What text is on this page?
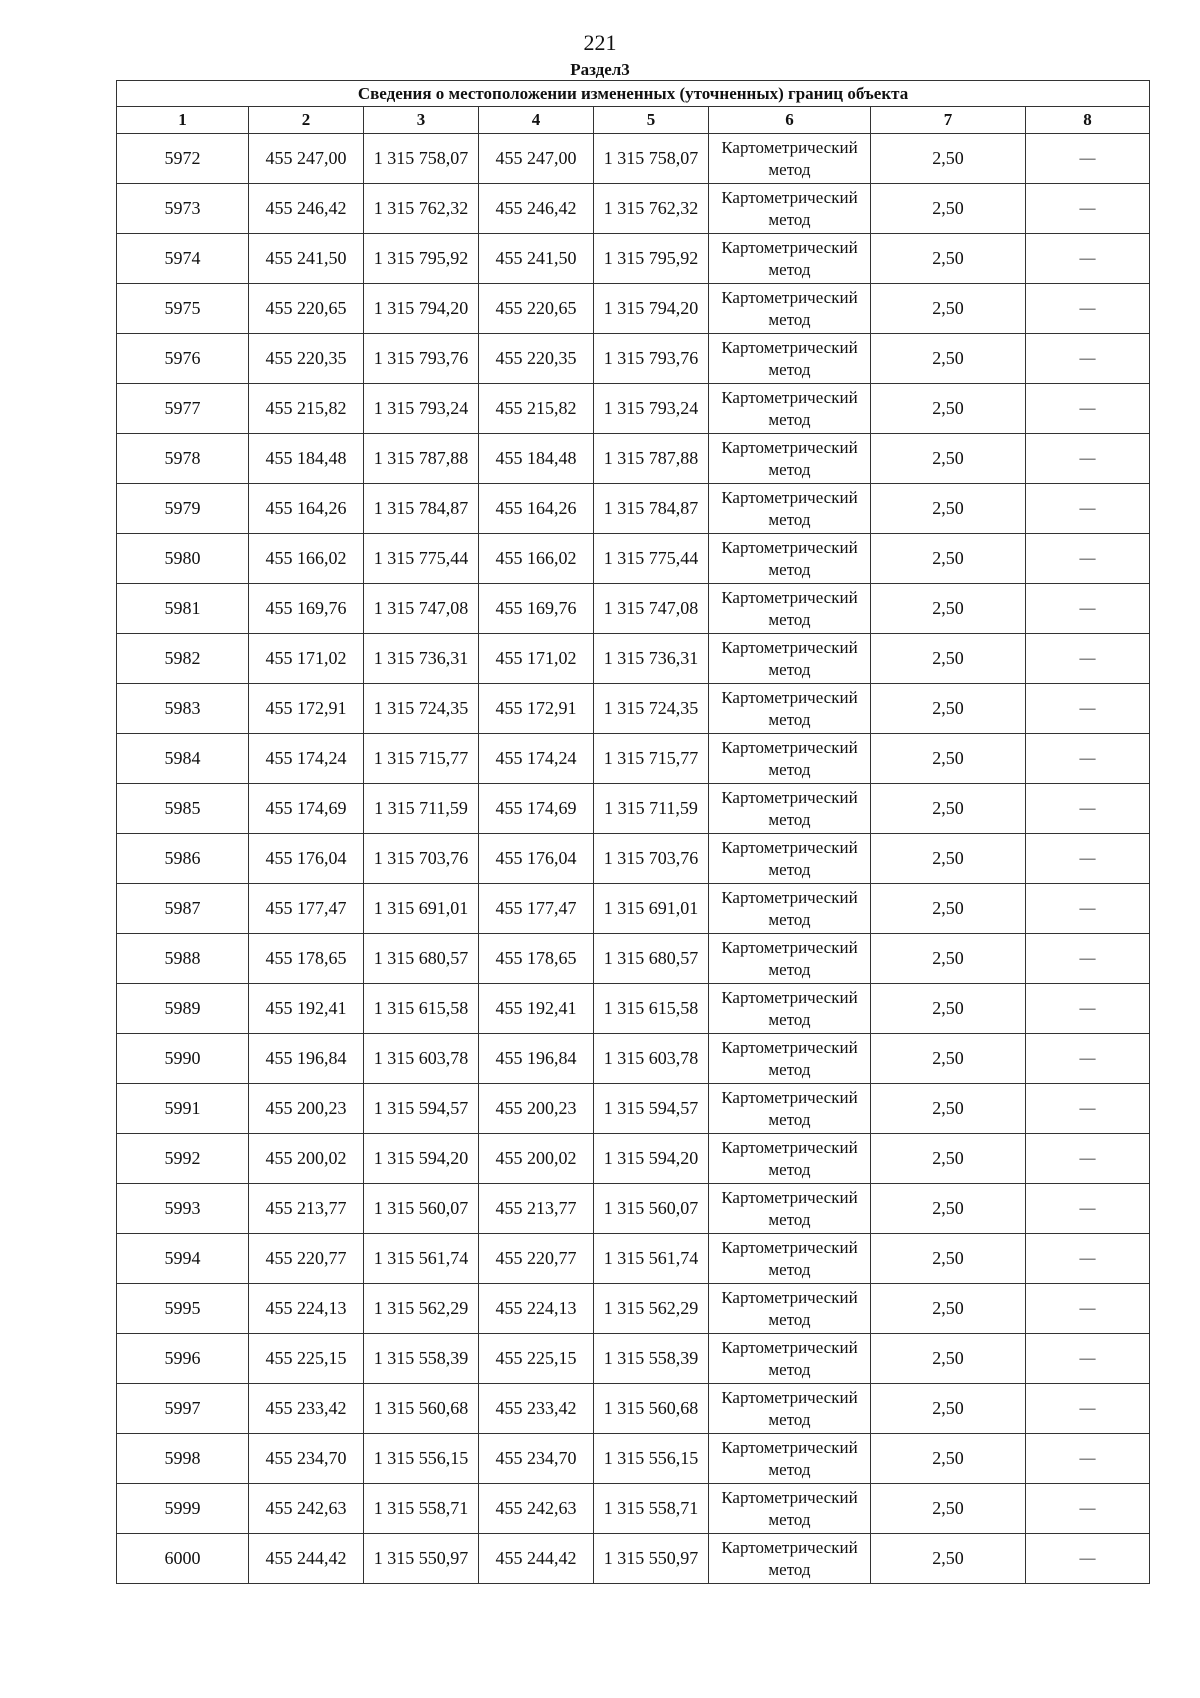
221
Раздел3
Сведения о местоположении измененных (уточненных) границ объекта							
1	2	3	4	5	6	7	8
5972	455 247,00	1 315 758,07	455 247,00	1 315 758,07	Картометрический метод	2,50	—
5973	455 246,42	1 315 762,32	455 246,42	1 315 762,32	Картометрический метод	2,50	—
5974	455 241,50	1 315 795,92	455 241,50	1 315 795,92	Картометрический метод	2,50	—
5975	455 220,65	1 315 794,20	455 220,65	1 315 794,20	Картометрический метод	2,50	—
5976	455 220,35	1 315 793,76	455 220,35	1 315 793,76	Картометрический метод	2,50	—
5977	455 215,82	1 315 793,24	455 215,82	1 315 793,24	Картометрический метод	2,50	—
5978	455 184,48	1 315 787,88	455 184,48	1 315 787,88	Картометрический метод	2,50	—
5979	455 164,26	1 315 784,87	455 164,26	1 315 784,87	Картометрический метод	2,50	—
5980	455 166,02	1 315 775,44	455 166,02	1 315 775,44	Картометрический метод	2,50	—
5981	455 169,76	1 315 747,08	455 169,76	1 315 747,08	Картометрический метод	2,50	—
5982	455 171,02	1 315 736,31	455 171,02	1 315 736,31	Картометрический метод	2,50	—
5983	455 172,91	1 315 724,35	455 172,91	1 315 724,35	Картометрический метод	2,50	—
5984	455 174,24	1 315 715,77	455 174,24	1 315 715,77	Картометрический метод	2,50	—
5985	455 174,69	1 315 711,59	455 174,69	1 315 711,59	Картометрический метод	2,50	—
5986	455 176,04	1 315 703,76	455 176,04	1 315 703,76	Картометрический метод	2,50	—
5987	455 177,47	1 315 691,01	455 177,47	1 315 691,01	Картометрический метод	2,50	—
5988	455 178,65	1 315 680,57	455 178,65	1 315 680,57	Картометрический метод	2,50	—
5989	455 192,41	1 315 615,58	455 192,41	1 315 615,58	Картометрический метод	2,50	—
5990	455 196,84	1 315 603,78	455 196,84	1 315 603,78	Картометрический метод	2,50	—
5991	455 200,23	1 315 594,57	455 200,23	1 315 594,57	Картометрический метод	2,50	—
5992	455 200,02	1 315 594,20	455 200,02	1 315 594,20	Картометрический метод	2,50	—
5993	455 213,77	1 315 560,07	455 213,77	1 315 560,07	Картометрический метод	2,50	—
5994	455 220,77	1 315 561,74	455 220,77	1 315 561,74	Картометрический метод	2,50	—
5995	455 224,13	1 315 562,29	455 224,13	1 315 562,29	Картометрический метод	2,50	—
5996	455 225,15	1 315 558,39	455 225,15	1 315 558,39	Картометрический метод	2,50	—
5997	455 233,42	1 315 560,68	455 233,42	1 315 560,68	Картометрический метод	2,50	—
5998	455 234,70	1 315 556,15	455 234,70	1 315 556,15	Картометрический метод	2,50	—
5999	455 242,63	1 315 558,71	455 242,63	1 315 558,71	Картометрический метод	2,50	—
6000	455 244,42	1 315 550,97	455 244,42	1 315 550,97	Картометрический метод	2,50	—
